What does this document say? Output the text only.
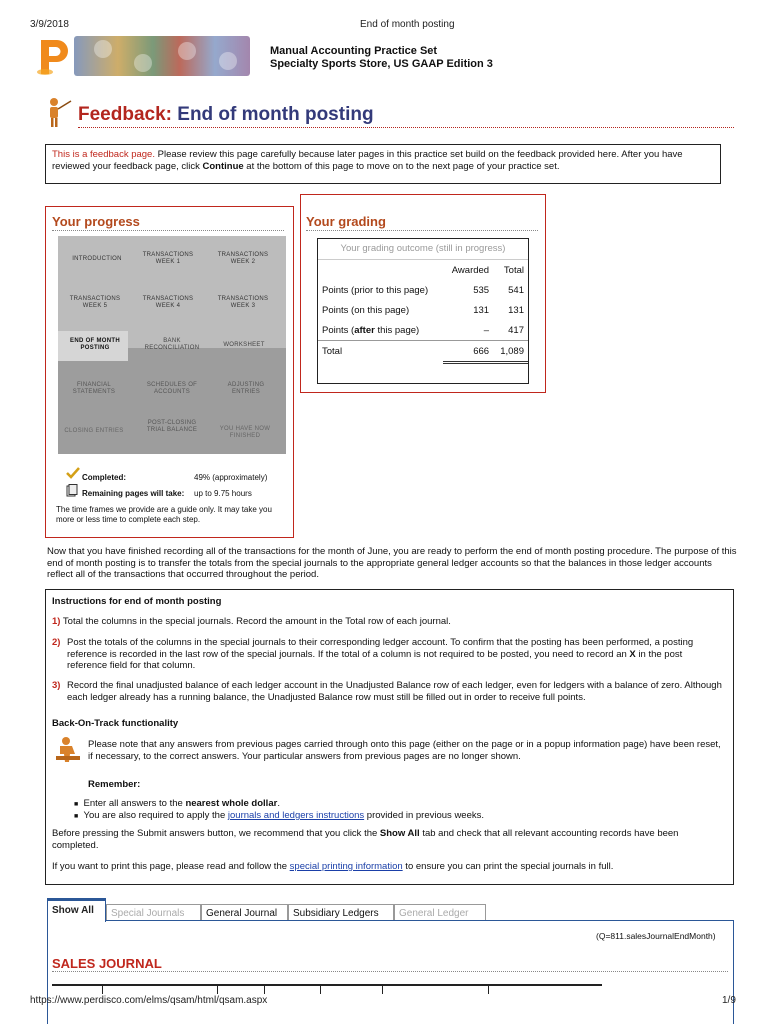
3/9/2018	End of month posting
Manual Accounting Practice Set
Specialty Sports Store, US GAAP Edition 3
Feedback: End of month posting
This is a feedback page. Please review this page carefully because later pages in this practice set build on the feedback provided here. After you have reviewed your feedback page, click Continue at the bottom of this page to move on to the next page of your practice set.
Your progress
INTRODUCTION
TRANSACTIONS WEEK 1
TRANSACTIONS WEEK 2
TRANSACTIONS WEEK 5
TRANSACTIONS WEEK 4
TRANSACTIONS WEEK 3
END OF MONTH POSTING
BANK RECONCILIATION	WORKSHEET
FINANCIAL STATEMENTS
SCHEDULES OF ACCOUNTS
ADJUSTING ENTRIES
CLOSING ENTRIES
POST-CLOSING TRIAL BALANCE	YOU HAVE NOW FINISHED
Completed:	49% (approximately)
Remaining pages will take: up to 9.75 hours
The time frames we provide are a guide only. It may take you more or less time to complete each step.
Your grading
Your grading outcome (still in progress)
	Awarded	Total
Points (prior to this page)	535	541
Points (on this page)	131	131
Points (after this page)	–	417
Total	666	1,089
Now that you have finished recording all of the transactions for the month of June, you are ready to perform the end of month posting procedure. The purpose of this end of month posting is to transfer the totals from the special journals to the appropriate general ledger accounts so that the balances in those ledger accounts reflect all of the transactions that occurred throughout the period.
Instructions for end of month posting
1) Total the columns in the special journals. Record the amount in the Total row of each journal.
2) Post the totals of the columns in the special journals to their corresponding ledger account. To confirm that the posting has been performed, a posting reference is recorded in the last row of the special journals. If the total of a column is not required to be posted, you need to record an X in the post reference field for that column.
3) Record the final unadjusted balance of each ledger account in the Unadjusted Balance row of each ledger, even for ledgers with a balance of zero. Although each ledger already has a running balance, the Unadjusted Balance row must still be filled out in order to receive full points.
Back-On-Track functionality
Please note that any answers from previous pages carried through onto this page (either on the page or in a popup information page) have been reset, if necessary, to the correct answers. Your particular answers from previous pages are no longer shown.
Remember:
■ Enter all answers to the nearest whole dollar.
■ You are also required to apply the journals and ledgers instructions provided in previous weeks.
Before pressing the Submit answers button, we recommend that you click the Show All tab and check that all relevant accounting records have been completed.
If you want to print this page, please read and follow the special printing information to ensure you can print the special journals in full.
Show All	Special Journals	General Journal	Subsidiary Ledgers	General Ledger
(Q=811.salesJournalEndMonth)
SALES JOURNAL
https://www.perdisco.com/elms/qsam/html/qsam.aspx	1/9
